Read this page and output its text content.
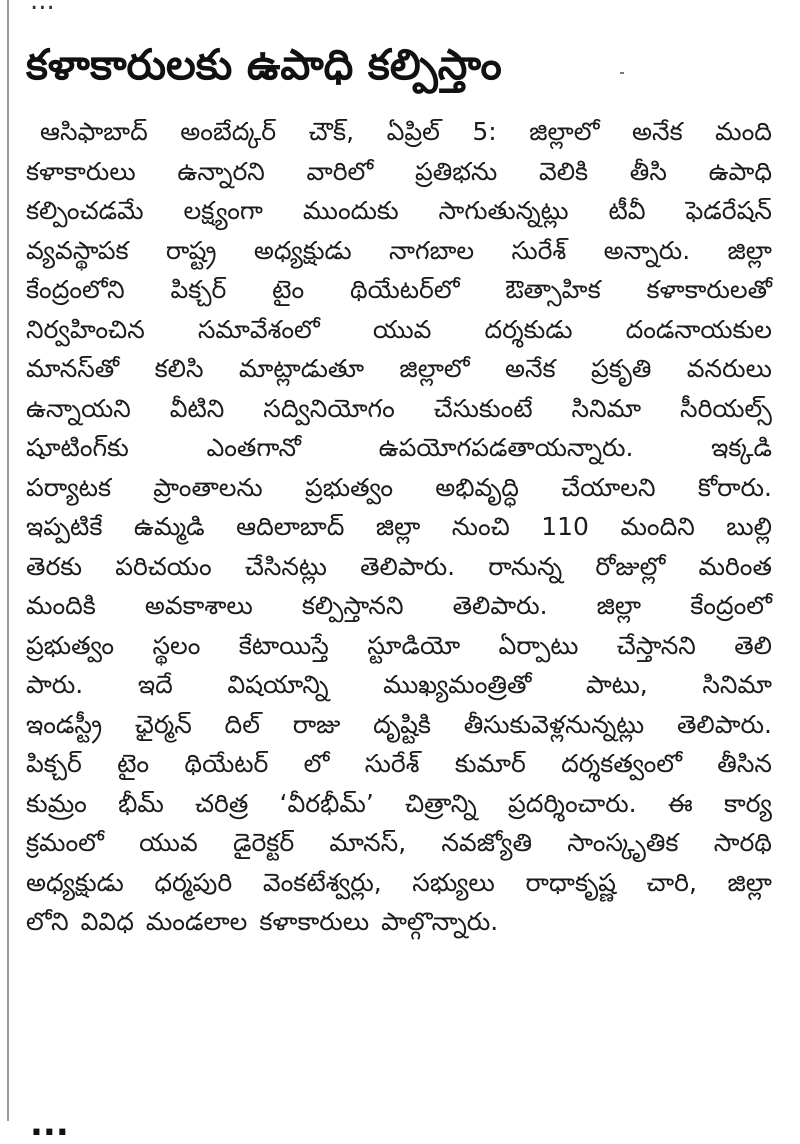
...
కళాకారులకు ఉపాధి కల్పిస్తాం
ఆసిఫాబాద్ అంబేద్కర్ చౌక్, ఏప్రిల్ 5: జిల్లాలో అనేక మంది
కళాకారులు ఉన్నారని వారిలో ప్రతిభను వెలికి తీసి ఉపాధి
కల్పించడమే లక్ష్యంగా ముందుకు సాగుతున్నట్లు టీవీ ఫెడరేషన్
వ్యవస్థాపక రాష్ట్ర అధ్యక్షుడు నాగబాల సురేశ్ అన్నారు. జిల్లా
కేంద్రంలోని పిక్చర్ టైం థియేటర్‌లో ఔత్సాహిక కళాకారులతో
నిర్వహించిన సమావేశంలో యువ దర్శకుడు దండనాయకుల
మానస్‌తో కలిసి మాట్లాడుతూ జిల్లాలో అనేక ప్రకృతి వనరులు
ఉన్నాయని వీటిని సద్వినియోగం చేసుకుంటే సినిమా సీరియల్స్
షూటింగ్‌కు	ఎంతగానో	ఉపయోగపడతాయన్నారు.	ఇక్కడి
పర్యాటక ప్రాంతాలను ప్రభుత్వం అభివృద్ధి చేయాలని కోరారు.
ఇప్పటికే ఉమ్మడి ఆదిలాబాద్ జిల్లా నుంచి 110 మందిని బుల్లి
తెరకు పరిచయం చేసినట్లు తెలిపారు. రానున్న రోజుల్లో మరింత
మందికి అవకాశాలు కల్పిస్తానని తెలిపారు. జిల్లా కేంద్రంలో
ప్రభుత్వం స్థలం కేటాయిస్తే స్టూడియో ఏర్పాటు చేస్తానని తెలి
పారు. ఇదే విషయాన్ని ముఖ్యమంత్రితో పాటు, సినిమా
ఇండస్ట్రీ ఛైర్మన్ దిల్ రాజు దృష్టికి తీసుకువెళ్లనున్నట్లు తెలిపారు.
పిక్చర్ టైం థియేటర్ లో సురేశ్ కుమార్ దర్శకత్వంలో తీసిన
కుమ్రం భీమ్ చరిత్ర ‘వీరభీమ్’ చిత్రాన్ని ప్రదర్శించారు. ఈ కార్య
క్రమంలో యువ డైరెక్టర్ మానస్, నవజ్యోతి సాంస్కృతిక సారథి
అధ్యక్షుడు ధర్మపురి వెంకటేశ్వర్లు, సభ్యులు రాధాకృష్ణ చారి, జిల్లా
లోని వివిధ మండలాల కళాకారులు పాల్గొన్నారు.
...
